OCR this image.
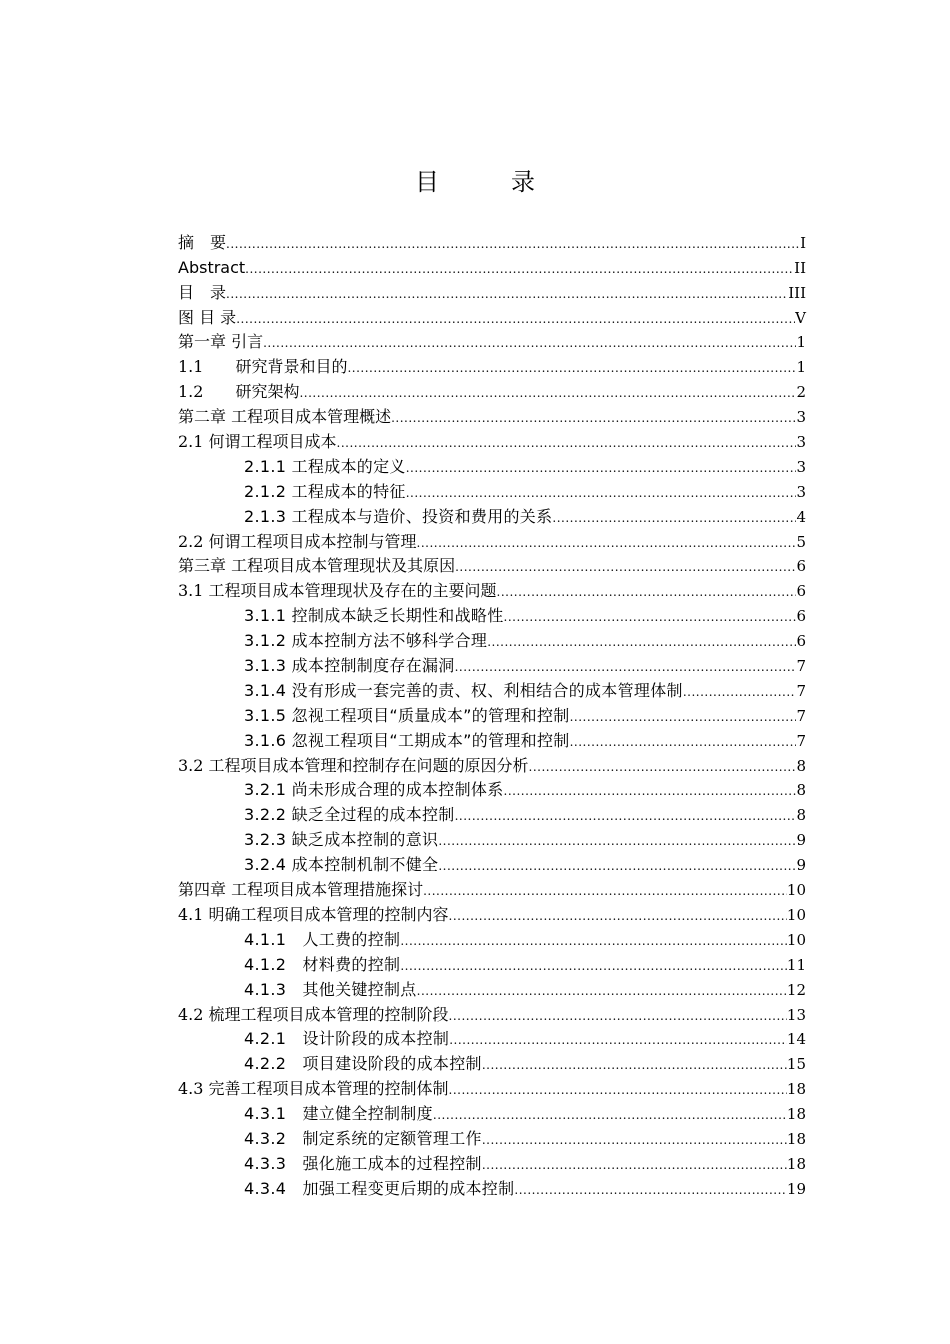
目　录
摘　要 .....	I
Abstract .....	II
目　录 .....	III
图 目 录 .....	V
第一章 引言 .....	1
1.1　　研究背景和目的 .....	1
1.2　　研究架构 .....	2
第二章 工程项目成本管理概述 .....	3
2.1 何谓工程项目成本 .....	3
2.1.1 工程成本的定义 .....	3
2.1.2 工程成本的特征 .....	3
2.1.3 工程成本与造价、投资和费用的关系 .....	4
2.2 何谓工程项目成本控制与管理 .....	5
第三章 工程项目成本管理现状及其原因 .....	6
3.1 工程项目成本管理现状及存在的主要问题 .....	6
3.1.1 控制成本缺乏长期性和战略性 .....	6
3.1.2 成本控制方法不够科学合理 .....	6
3.1.3 成本控制制度存在漏洞 .....	7
3.1.4 没有形成一套完善的责、权、利相结合的成本管理体制 .....	7
3.1.5 忽视工程项目“质量成本”的管理和控制 .....	7
3.1.6 忽视工程项目“工期成本”的管理和控制 .....	7
3.2 工程项目成本管理和控制存在问题的原因分析 .....	8
3.2.1 尚未形成合理的成本控制体系 .....	8
3.2.2 缺乏全过程的成本控制 .....	8
3.2.3 缺乏成本控制的意识 .....	9
3.2.4 成本控制机制不健全 .....	9
第四章 工程项目成本管理措施探讨 .....	10
4.1 明确工程项目成本管理的控制内容 .....	10
4.1.1　人工费的控制 .....	10
4.1.2　材料费的控制 .....	11
4.1.3　其他关键控制点 .....	12
4.2 梳理工程项目成本管理的控制阶段 .....	13
4.2.1　设计阶段的成本控制 .....	14
4.2.2　项目建设阶段的成本控制 .....	15
4.3 完善工程项目成本管理的控制体制 .....	18
4.3.1　建立健全控制制度 .....	18
4.3.2　制定系统的定额管理工作 .....	18
4.3.3　强化施工成本的过程控制 .....	18
4.3.4　加强工程变更后期的成本控制 .....	19
